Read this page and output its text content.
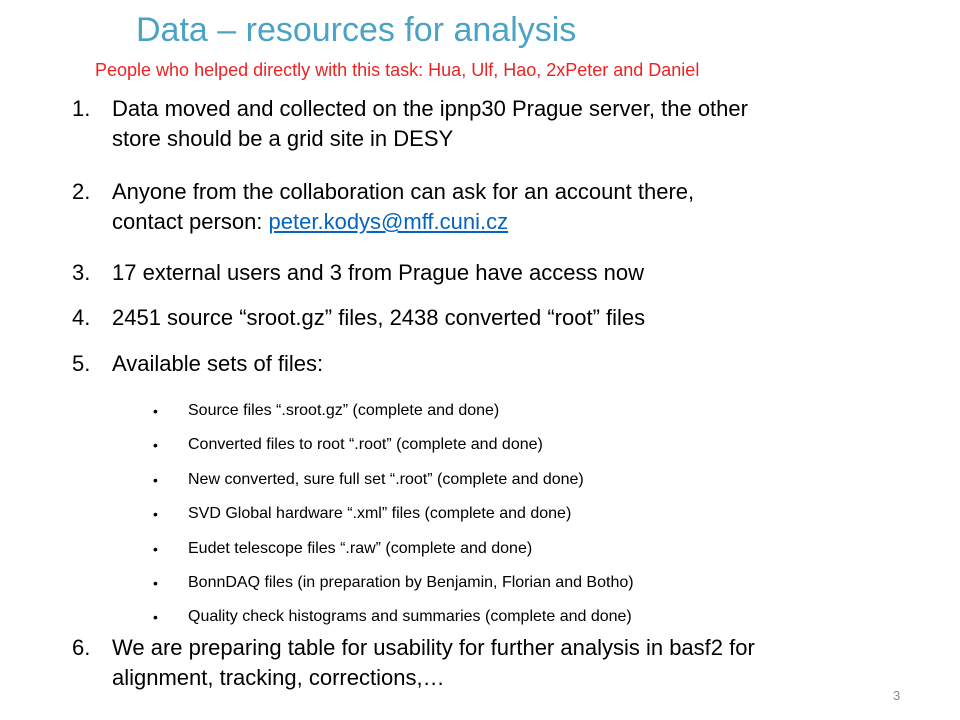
Data – resources for analysis
People who helped directly with this task: Hua, Ulf, Hao, 2xPeter and Daniel
1. Data moved and collected on the ipnp30 Prague server, the other
store should be a grid site in DESY
2. Anyone from the collaboration can ask for an account there,
contact person: peter.kodys@mff.cuni.cz
3. 17 external users and 3 from Prague have access now
4. 2451 source “sroot.gz” files, 2438 converted “root” files
5. Available sets of files:
• Source files “.sroot.gz” (complete and done)
• Converted files to root “.root” (complete and done)
• New converted, sure full set “.root” (complete and done)
• SVD Global hardware “.xml” files (complete and done)
• Eudet telescope files “.raw” (complete and done)
• BonnDAQ files (in preparation by Benjamin, Florian and Botho)
• Quality check histograms and summaries (complete and done)
6. We are preparing table for usability for further analysis in basf2 for
alignment, tracking, corrections,…
3
